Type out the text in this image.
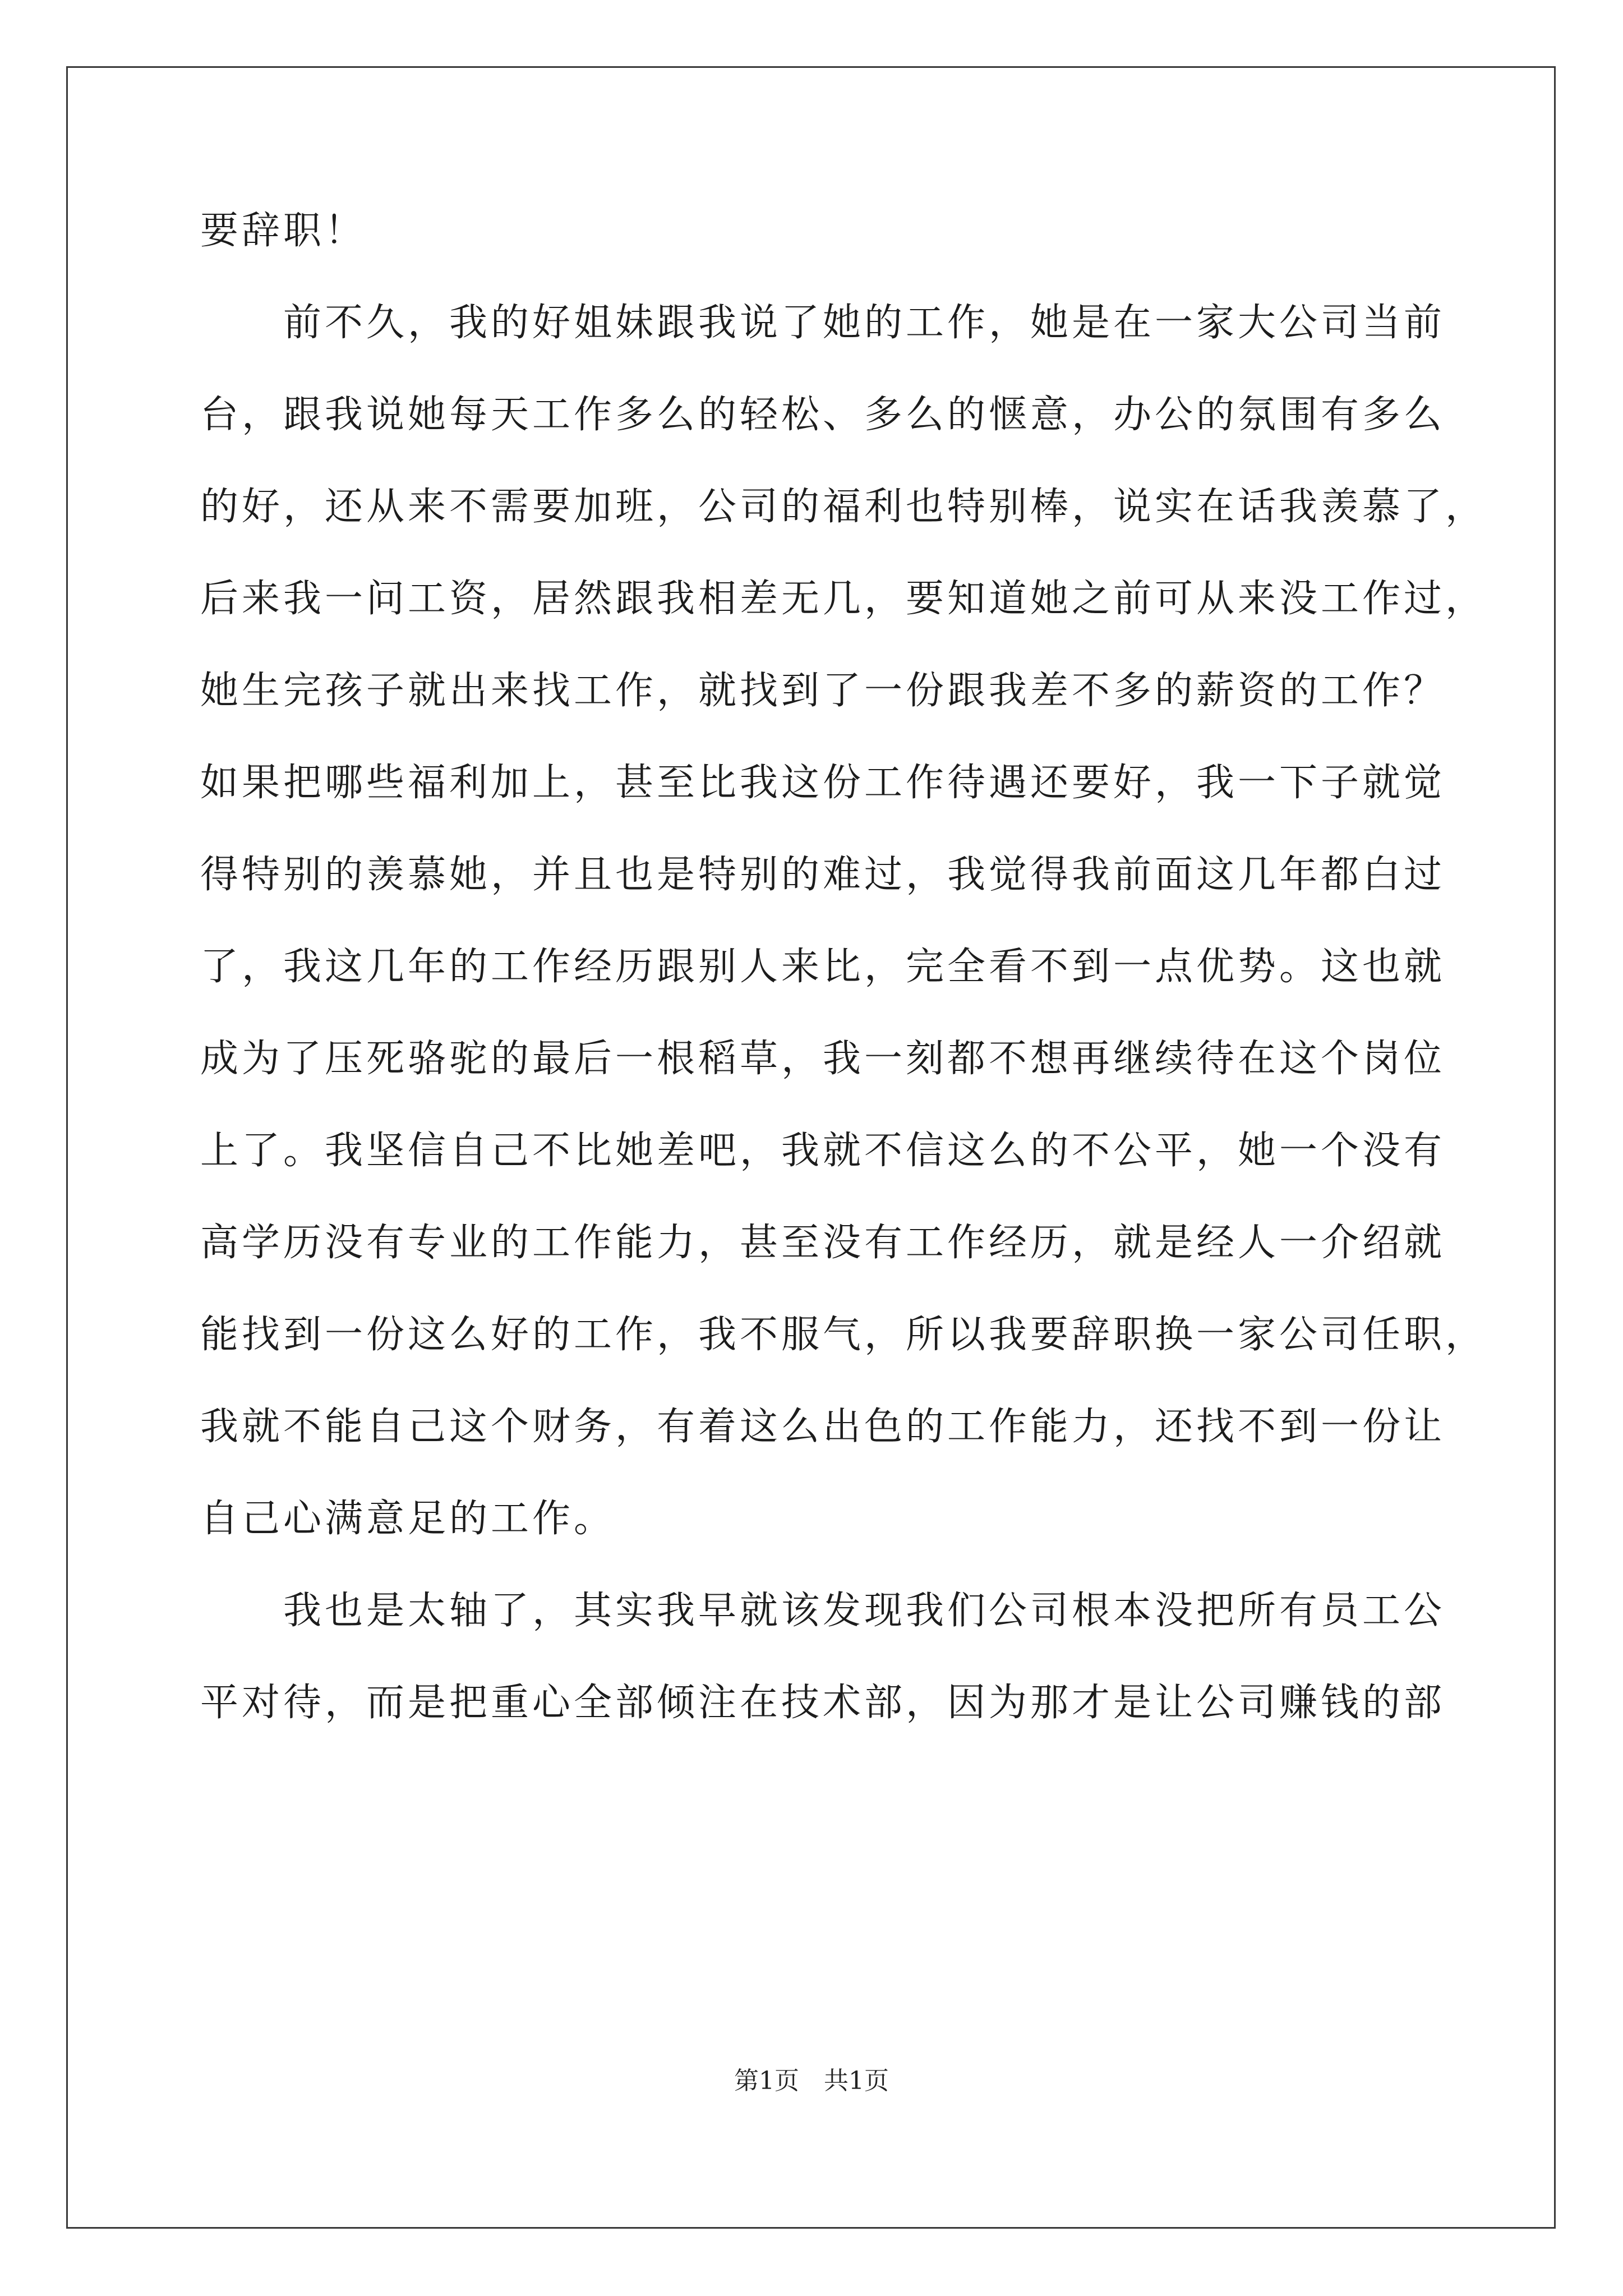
要辞职！
前不久，我的好姐妹跟我说了她的工作，她是在一家大公司当前
台，跟我说她每天工作多么的轻松、多么的惬意，办公的氛围有多么
的好，还从来不需要加班，公司的福利也特别棒，说实在话我羡慕了，
后来我一问工资，居然跟我相差无几，要知道她之前可从来没工作过，
她生完孩子就出来找工作，就找到了一份跟我差不多的薪资的工作？
如果把哪些福利加上，甚至比我这份工作待遇还要好，我一下子就觉
得特别的羡慕她，并且也是特别的难过，我觉得我前面这几年都白过
了，我这几年的工作经历跟别人来比，完全看不到一点优势。这也就
成为了压死骆驼的最后一根稻草，我一刻都不想再继续待在这个岗位
上了。我坚信自己不比她差吧，我就不信这么的不公平，她一个没有
高学历没有专业的工作能力，甚至没有工作经历，就是经人一介绍就
能找到一份这么好的工作，我不服气，所以我要辞职换一家公司任职，
我就不能自己这个财务，有着这么出色的工作能力，还找不到一份让
自己心满意足的工作。
我也是太轴了，其实我早就该发现我们公司根本没把所有员工公
平对待，而是把重心全部倾注在技术部，因为那才是让公司赚钱的部
第1页 共1页
